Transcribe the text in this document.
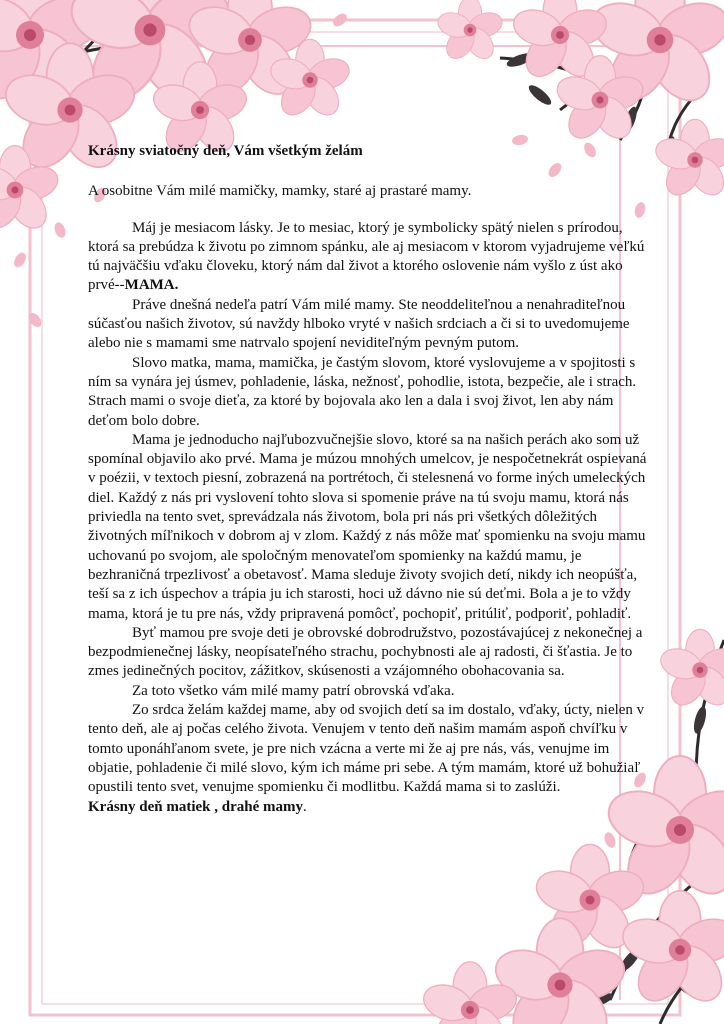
Krásny sviatočný deň, Vám všetkým želám

A osobitne Vám milé mamičky, mamky, staré aj prastaré mamy.

Máj je mesiacom lásky. Je to mesiac, ktorý je symbolicky spätý nielen s prírodou, ktorá sa prebúdza k životu po zimnom spánku, ale aj mesiacom v ktorom vyjadrujeme veľkú tú najväčšiu vďaku človeku, ktorý nám dal život a ktorého oslovenie nám vyšlo z úst ako

prvé--MAMA.

Práve dnešná nedeľa patrí Vám milé mamy. Ste neoddeliteľnou a nenahraditeľnou súčasťou našich životov, sú navždy hlboko vryté v našich srdciach a či si to uvedomujeme alebo nie s mamami sme natrvalo spojení neviditeľným pevným putom.

Slovo matka, mama, mamička, je častým slovom, ktoré vyslovujeme a v spojitosti s ním sa vynára jej úsmev, pohladenie, láska, nežnosť, pohodlie, istota, bezpečie, ale i strach. Strach mami o svoje dieťa, za ktoré by bojovala ako len a dala i svoj život, len aby nám deťom bolo dobre.

Mama je jednoducho najľubozvučnejšie slovo, ktoré sa na našich perách ako som už spomínal objavilo ako prvé. Mama je múzou mnohých umelcov, je nespočetnekrát ospievaná v poézii, v textoch piesní, zobrazená na portrétoch, či stelesnená vo forme iných umeleckých diel. Každý z nás pri vyslovení tohto slova si spomenie práve na tú svoju mamu, ktorá nás priviedla na tento svet, sprevádzala nás životom, bola pri nás pri všetkých dôležitých životných míľnikoch v dobrom aj v zlom. Každý z nás môže mať spomienku na svoju mamu uchovanú po svojom, ale spoločným menovateľom spomienky na každú mamu, je bezhraničná trpezlivosť a obetavosť. Mama sleduje životy svojich detí, nikdy ich neopúšťa, teší sa z ich úspechov a trápia ju ich starosti, hoci už dávno nie sú deťmi. Bola a je to vždy mama, ktorá je tu pre nás, vždy pripravená pomôcť, pochopiť, pritúliť, podporiť, pohladiť.

Byť mamou pre svoje deti je obrovské dobrodružstvo, pozostávajúcej z nekonečnej a bezpodmienečnej lásky, neopísateľného strachu, pochybnosti ale aj radosti, či šťastia. Je to zmes jedinečných pocitov, zážitkov, skúsenosti a vzájomného obohacovania sa.

Za toto všetko vám milé mamy patrí obrovská vďaka.

Zo srdca želám každej mame, aby od svojich detí sa im dostalo, vďaky, úcty, nielen v tento deň, ale aj počas celého života. Venujem v tento deň našim mamám aspoň chvíľku v tomto uponáhľanom svete, je pre nich vzácna a verte mi že aj pre nás, vás, venujme im objatie, pohladenie či milé slovo, kým ich máme pri sebe. A tým mamám, ktoré už bohužiaľ opustili tento svet, venujme spomienku či modlitbu. Každá mama si to zaslúži.

Krásny deň matiek , drahé mamy.
